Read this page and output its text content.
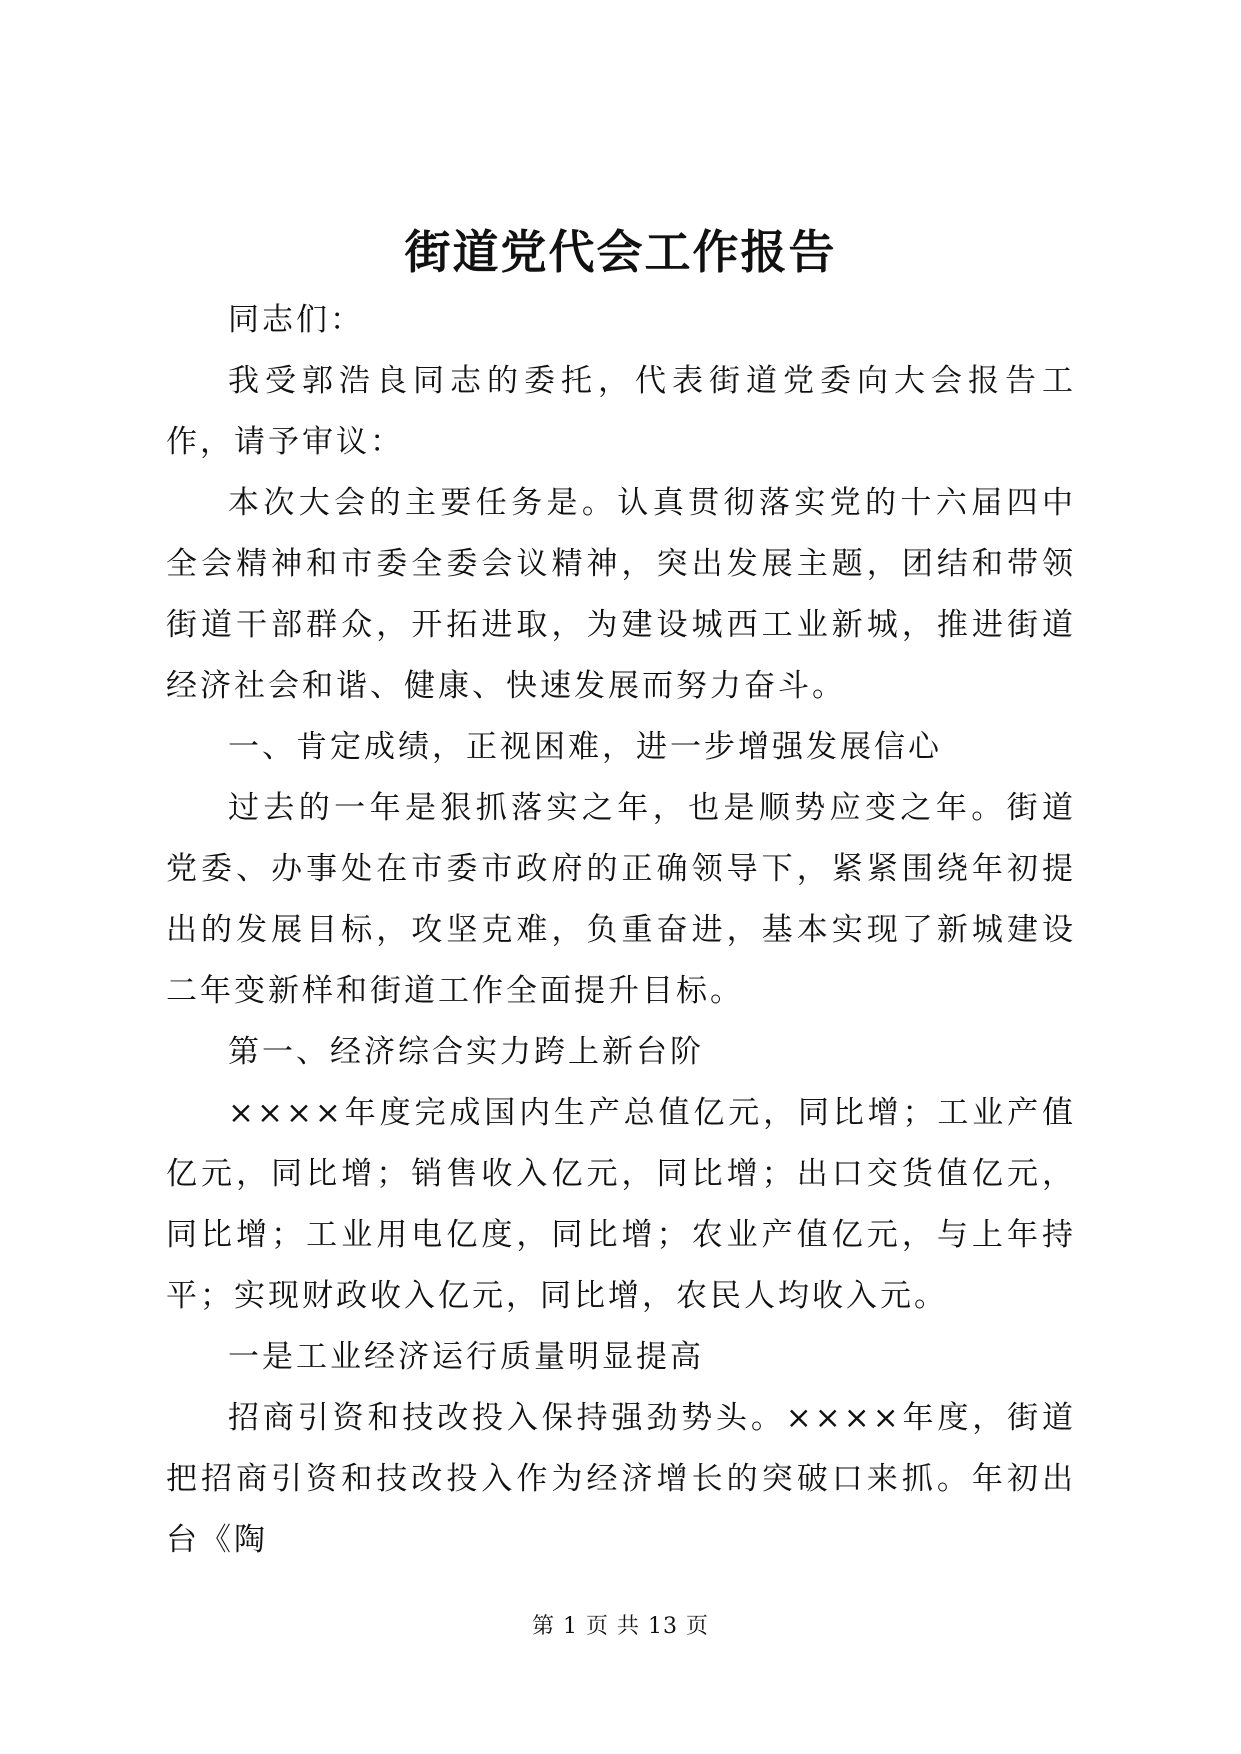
街道党代会工作报告

同志们：

我受郭浩良同志的委托，代表街道党委向大会报告工作，请予审议：

本次大会的主要任务是。认真贯彻落实党的十六届四中全会精神和市委全委会议精神，突出发展主题，团结和带领街道干部群众，开拓进取，为建设城西工业新城，推进街道经济社会和谐、健康、快速发展而努力奋斗。

一、肯定成绩，正视困难，进一步增强发展信心

过去的一年是狠抓落实之年，也是顺势应变之年。街道党委、办事处在市委市政府的正确领导下，紧紧围绕年初提出的发展目标，攻坚克难，负重奋进，基本实现了新城建设二年变新样和街道工作全面提升目标。

第一、经济综合实力跨上新台阶

××××年度完成国内生产总值亿元，同比增；工业产值亿元，同比增；销售收入亿元，同比增；出口交货值亿元，同比增；工业用电亿度，同比增；农业产值亿元，与上年持平；实现财政收入亿元，同比增，农民人均收入元。

一是工业经济运行质量明显提高

招商引资和技改投入保持强劲势头。××××年度，街道把招商引资和技改投入作为经济增长的突破口来抓。年初出台《陶

第 1 页 共 13 页
